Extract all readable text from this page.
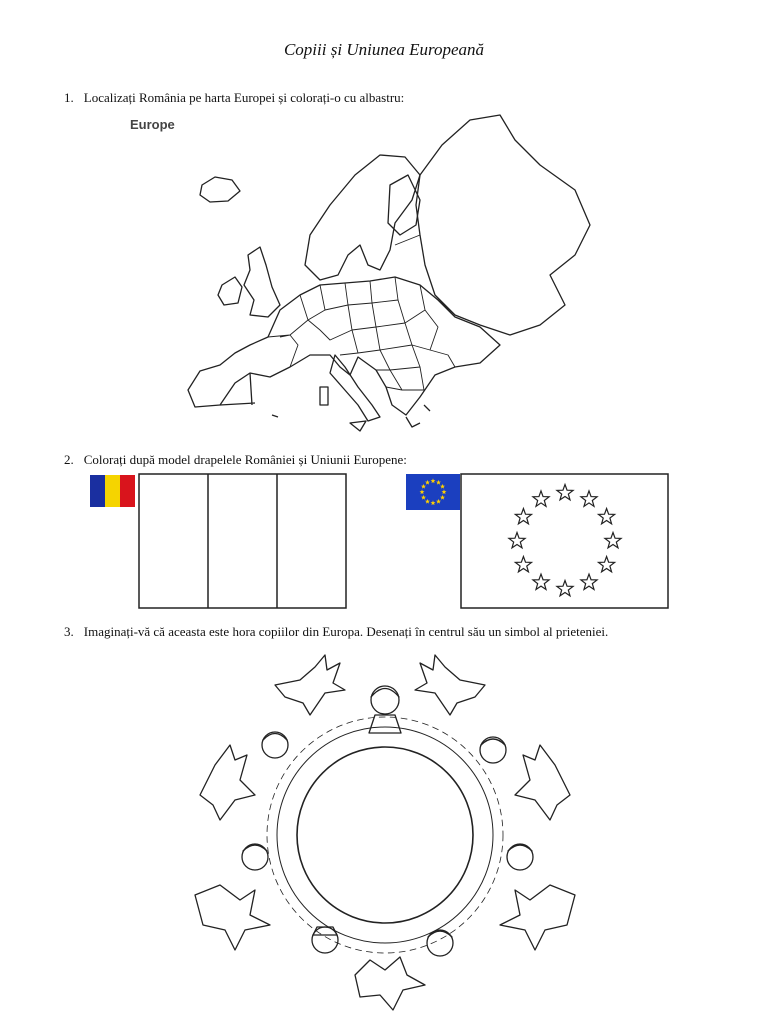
Copiii și Uniunea Europeană
1. Localizați România pe harta Europei și colorați-o cu albastru:
Europe
2. Colorați după model drapelele României și Uniunii Europene:
3. Imaginați-vă că aceasta este hora copiilor din Europa. Desenați în centrul său un simbol al prieteniei.
